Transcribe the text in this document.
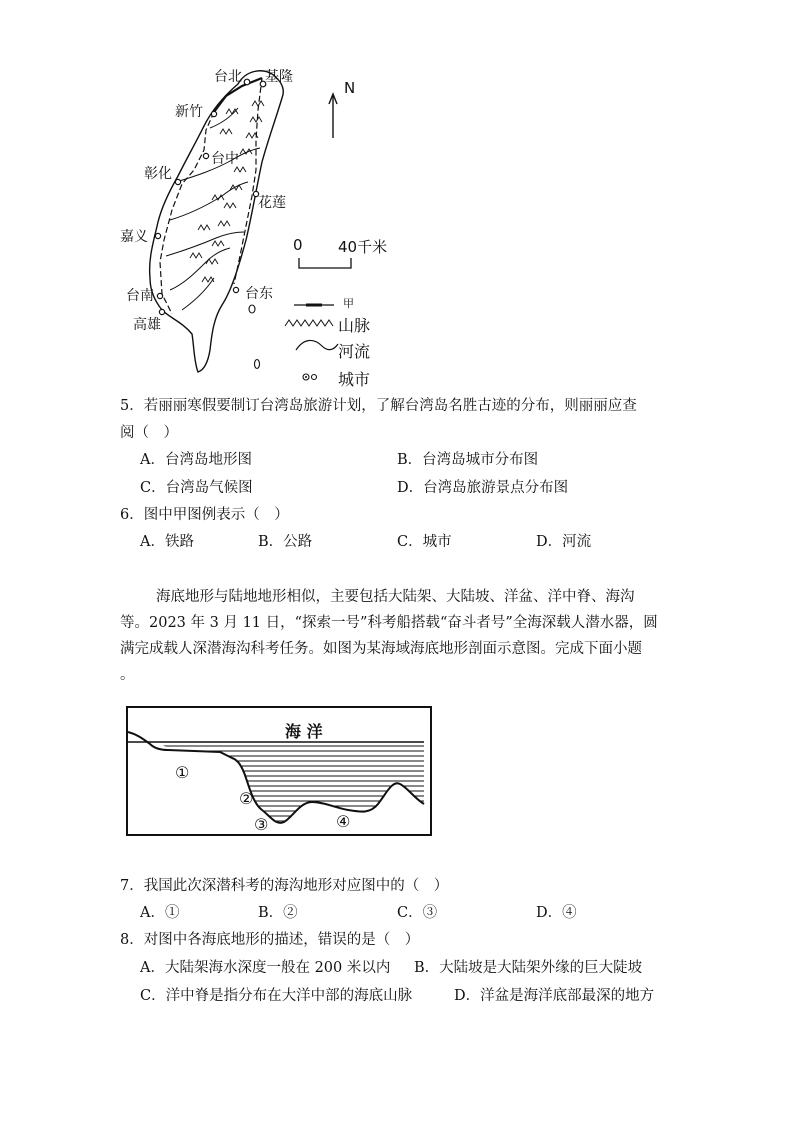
台北 基隆
新竹
台中
彰化
花莲
嘉义
台南	台东
高雄
N
0 40千米
甲
山脉
河流
城市
5．若丽丽寒假要制订台湾岛旅游计划，了解台湾岛名胜古迹的分布，则丽丽应查
阅（　）
A．台湾岛地形图	B．台湾岛城市分布图
C．台湾岛气候图	D．台湾岛旅游景点分布图
6．图中甲图例表示（　）
A．铁路	B．公路	C．城市	D．河流
海底地形与陆地地形相似，主要包括大陆架、大陆坡、洋盆、洋中脊、海沟
等。2023 年 3 月 11 日，“探索一号”科考船搭载“奋斗者号”全海深载人潜水器，圆
满完成载人深潜海沟科考任务。如图为某海域海底地形剖面示意图。完成下面小题
。
海 洋
①
②
③	④
7．我国此次深潜科考的海沟地形对应图中的（　）
A．①	B．②	C．③	D．④
8．对图中各海底地形的描述，错误的是（　）
A．大陆架海水深度一般在 200 米以内 B．大陆坡是大陆架外缘的巨大陡坡
C．洋中脊是指分布在大洋中部的海底山脉	D．洋盆是海洋底部最深的地方
